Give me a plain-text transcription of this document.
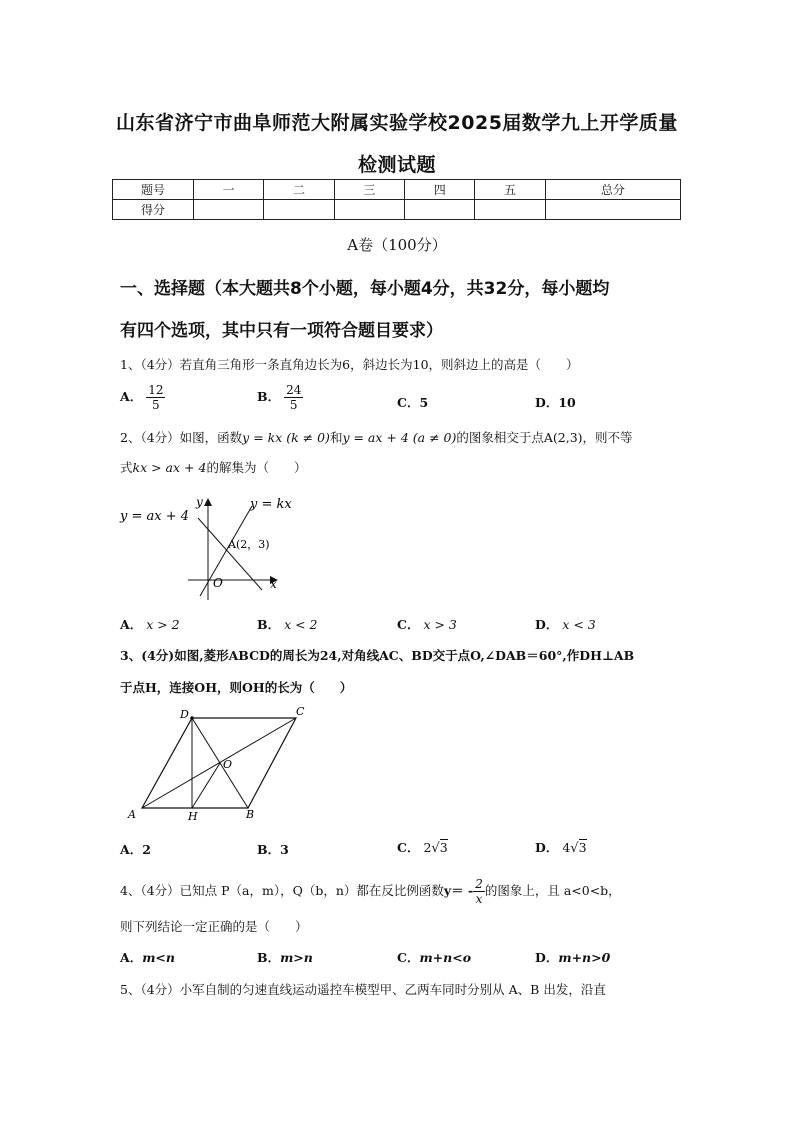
山东省济宁市曲阜师范大附属实验学校2025届数学九上开学质量
检测试题
题号	一	二	三	四	五	总分
得分						
A卷（100分）
一、选择题（本大题共8个小题，每小题4分，共32分，每小题均
有四个选项，其中只有一项符合题目要求）
1、（4分）若直角三角形一条直角边长为6，斜边长为10，则斜边上的高是（　　）
A． $\frac{12}{5}$	B． $\frac{24}{5}$	C．5	D．10
2、（4分）如图，函数y = kx (k ≠ 0)和y = ax + 4 (a ≠ 0)的图象相交于点A(2,3)，则不等
式kx > ax + 4的解集为（　　）
y = ax + 4
y = kx
y
x
O
A(2，3)
A． x > 2	B． x < 2	C． x > 3	D． x < 3
3、(4分)如图,菱形ABCD的周长为24,对角线AC、BD交于点O,∠DAB＝60°,作DH⊥AB
于点H，连接OH，则OH的长为（　　）
A	B
C
D
O
H
A．2	B．3	C． 2√3	D． 4√3
4、（4分）已知点 P（a，m），Q（b，n）都在反比例函数$y= - \frac{2}{x}$ 的图象上，且 a<0<b，
则下列结论一定正确的是（　　）
A．m<n	B．m>n	C．m+n<o	D．m+n>0
5、（4分）小军自制的匀速直线运动遥控车模型甲、乙两车同时分别从 A、B 出发，沿直
